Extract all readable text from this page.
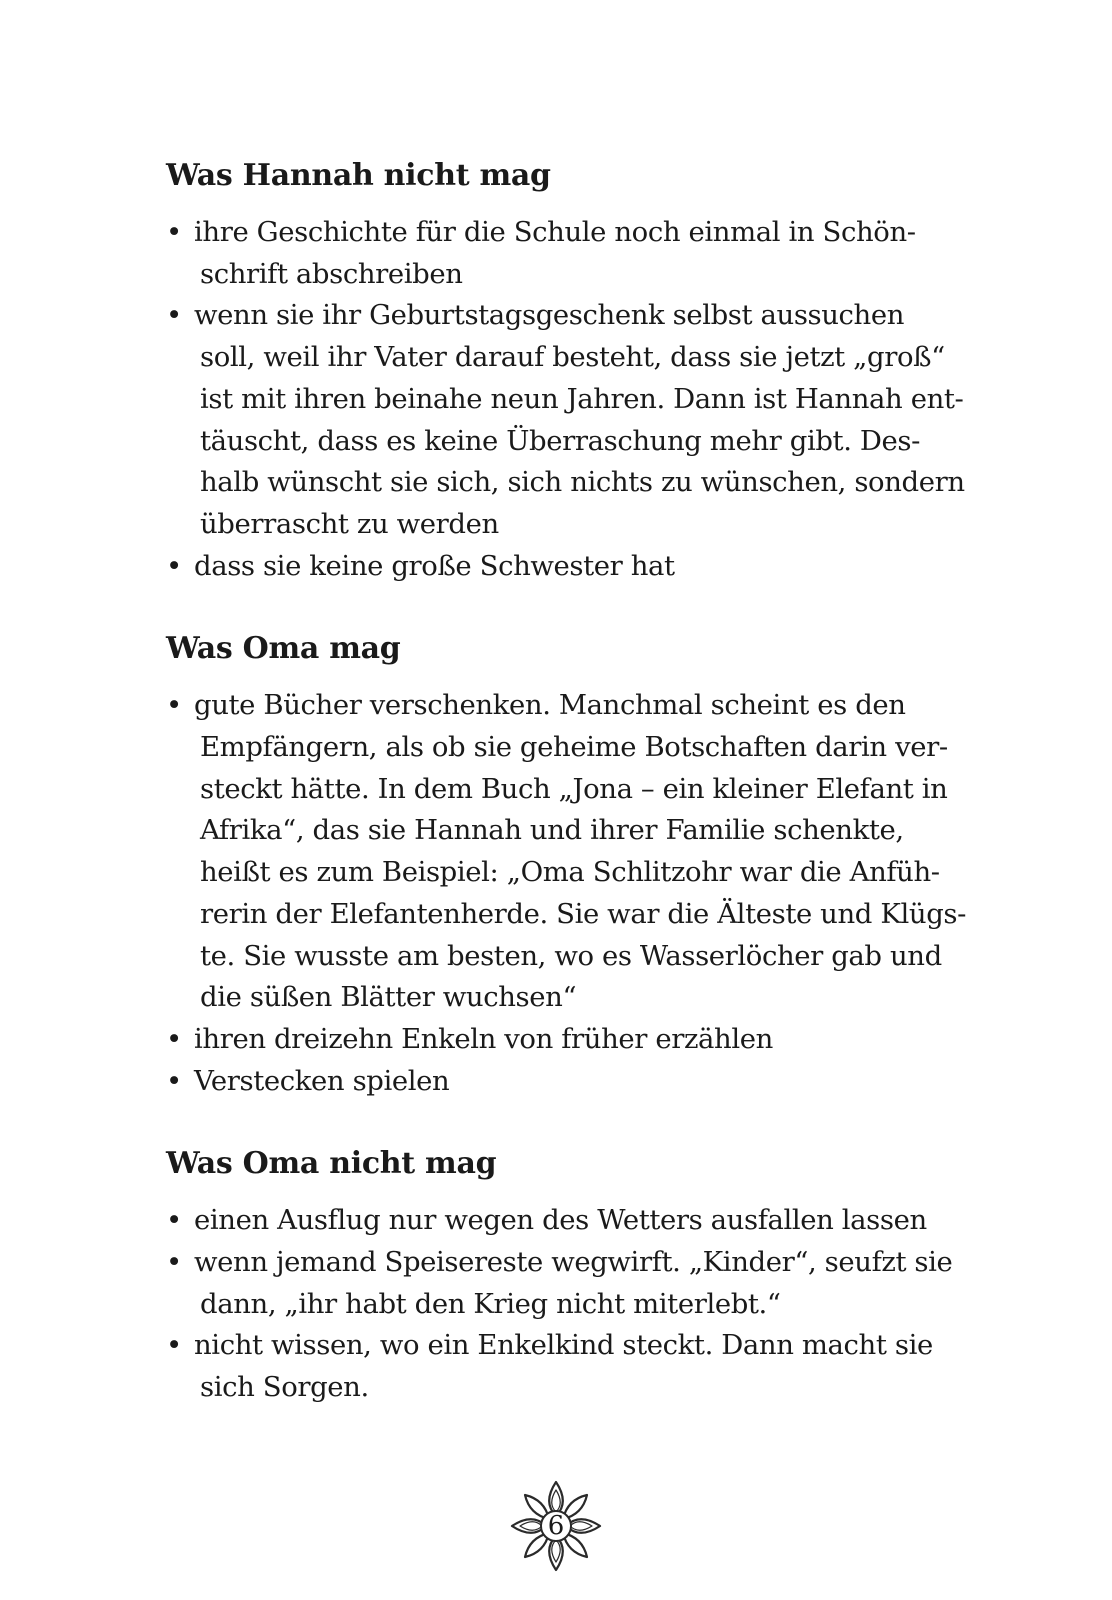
Was Hannah nicht mag
• ihre Geschichte für die Schule noch einmal in Schön-
schrift abschreiben
• wenn sie ihr Geburtstagsgeschenk selbst aussuchen
soll, weil ihr Vater darauf besteht, dass sie jetzt „groß“
ist mit ihren beinahe neun Jahren. Dann ist Hannah ent-
täuscht, dass es keine Überraschung mehr gibt. Des-
halb wünscht sie sich, sich nichts zu wünschen, sondern
überrascht zu werden
• dass sie keine große Schwester hat
Was Oma mag
• gute Bücher verschenken. Manchmal scheint es den
Empfängern, als ob sie geheime Botschaften darin ver-
steckt hätte. In dem Buch „Jona – ein kleiner Elefant in
Afrika“, das sie Hannah und ihrer Familie schenkte,
heißt es zum Beispiel: „Oma Schlitzohr war die Anfüh-
rerin der Elefantenherde. Sie war die Älteste und Klügs-
te. Sie wusste am besten, wo es Wasserlöcher gab und
die süßen Blätter wuchsen“
• ihren dreizehn Enkeln von früher erzählen
• Verstecken spielen
Was Oma nicht mag
• einen Ausflug nur wegen des Wetters ausfallen lassen
• wenn jemand Speisereste wegwirft. „Kinder“, seufzt sie
dann, „ihr habt den Krieg nicht miterlebt.“
• nicht wissen, wo ein Enkelkind steckt. Dann macht sie
sich Sorgen.
6
